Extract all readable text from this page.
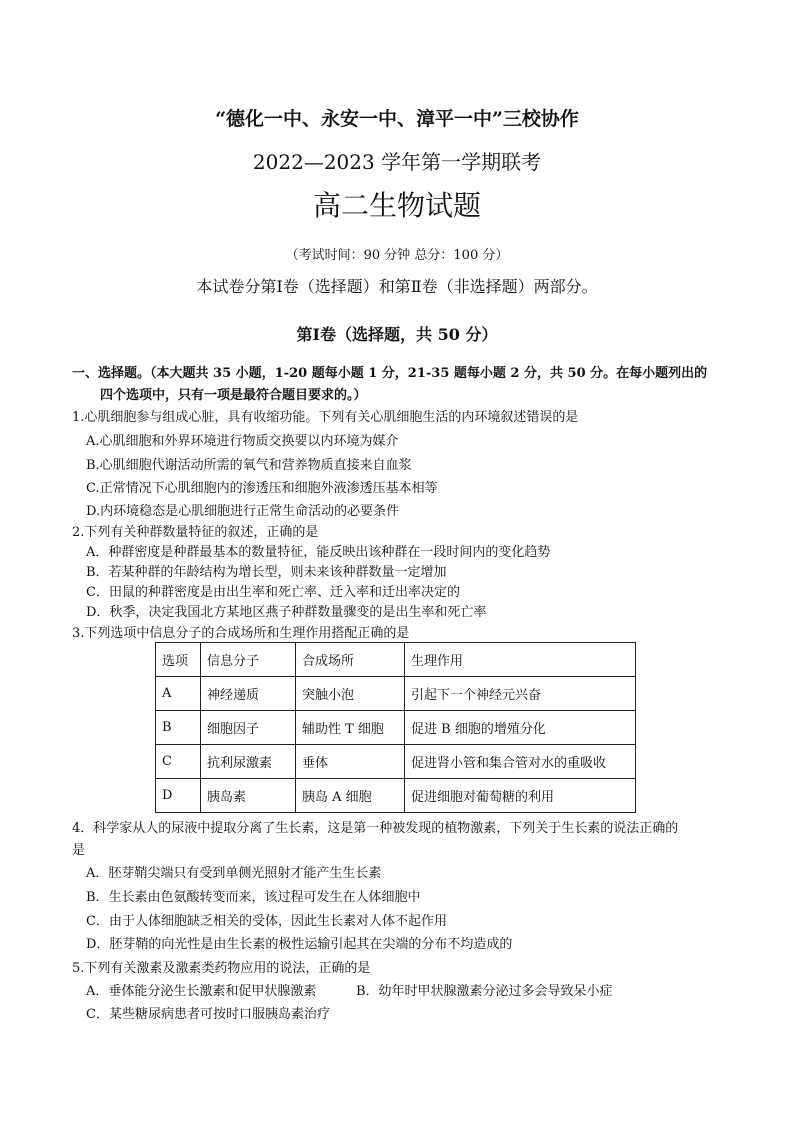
“德化一中、永安一中、漳平一中”三校协作
2022—2023 学年第一学期联考
高二生物试题
（考试时间：90 分钟 总分：100 分）
本试卷分第Ⅰ卷（选择题）和第Ⅱ卷（非选择题）两部分。
第Ⅰ卷（选择题，共 50 分）
一、选择题。（本大题共 35 小题，1-20 题每小题 1 分，21-35 题每小题 2 分，共 50 分。在每小题列出的
四个选项中，只有一项是最符合题目要求的。）
1.心肌细胞参与组成心脏，具有收缩功能。下列有关心肌细胞生活的内环境叙述错误的是
A.心肌细胞和外界环境进行物质交换要以内环境为媒介
B.心肌细胞代谢活动所需的氧气和营养物质直接来自血浆
C.正常情况下心肌细胞内的渗透压和细胞外液渗透压基本相等
D.内环境稳态是心肌细胞进行正常生命活动的必要条件
2.下列有关种群数量特征的叙述，正确的是
A．种群密度是种群最基本的数量特征，能反映出该种群在一段时间内的变化趋势
B．若某种群的年龄结构为增长型，则未来该种群数量一定增加
C．田鼠的种群密度是由出生率和死亡率、迁入率和迁出率决定的
D．秋季，决定我国北方某地区燕子种群数量骤变的是出生率和死亡率
3.下列选项中信息分子的合成场所和生理作用搭配正确的是
选项	信息分子	合成场所	生理作用
A	神经递质	突触小泡	引起下一个神经元兴奋
B	细胞因子	辅助性 T 细胞	促进 B 细胞的增殖分化
C	抗利尿激素	垂体	促进肾小管和集合管对水的重吸收
D	胰岛素	胰岛 A 细胞	促进细胞对葡萄糖的利用
4．科学家从人的尿液中提取分离了生长素，这是第一种被发现的植物激素，下列关于生长素的说法正确的
是
A．胚芽鞘尖端只有受到单侧光照射才能产生生长素
B．生长素由色氨酸转变而来，该过程可发生在人体细胞中
C．由于人体细胞缺乏相关的受体，因此生长素对人体不起作用
D．胚芽鞘的向光性是由生长素的极性运输引起其在尖端的分布不均造成的
5.下列有关激素及激素类药物应用的说法，正确的是
A．垂体能分泌生长激素和促甲状腺激素	B．幼年时甲状腺激素分泌过多会导致呆小症
C．某些糖尿病患者可按时口服胰岛素治疗
